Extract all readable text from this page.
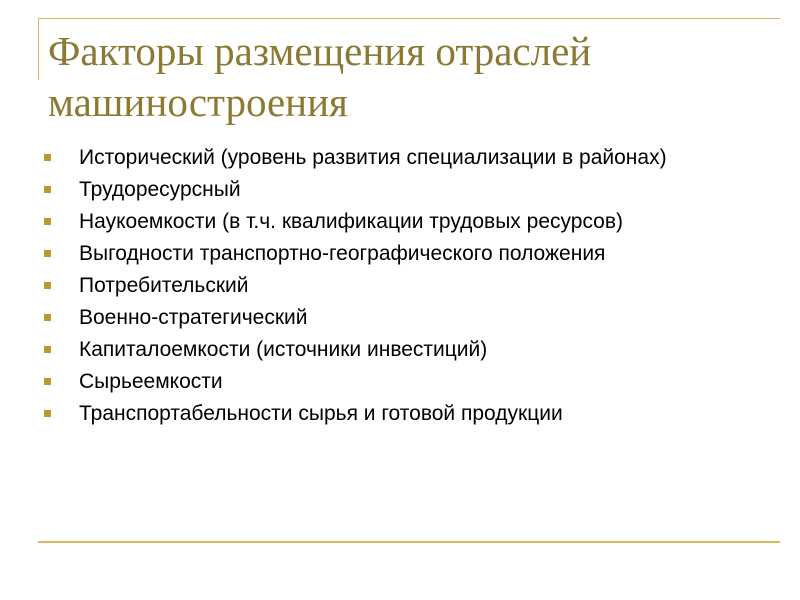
Факторы размещения отраслей машиностроения
Исторический (уровень развития специализации в районах)
Трудоресурсный
Наукоемкости (в т.ч. квалификации трудовых ресурсов)
Выгодности транспортно-географического положения
Потребительский
Военно-стратегический
Капиталоемкости (источники инвестиций)
Сырьеемкости
Транспортабельности сырья и готовой продукции
